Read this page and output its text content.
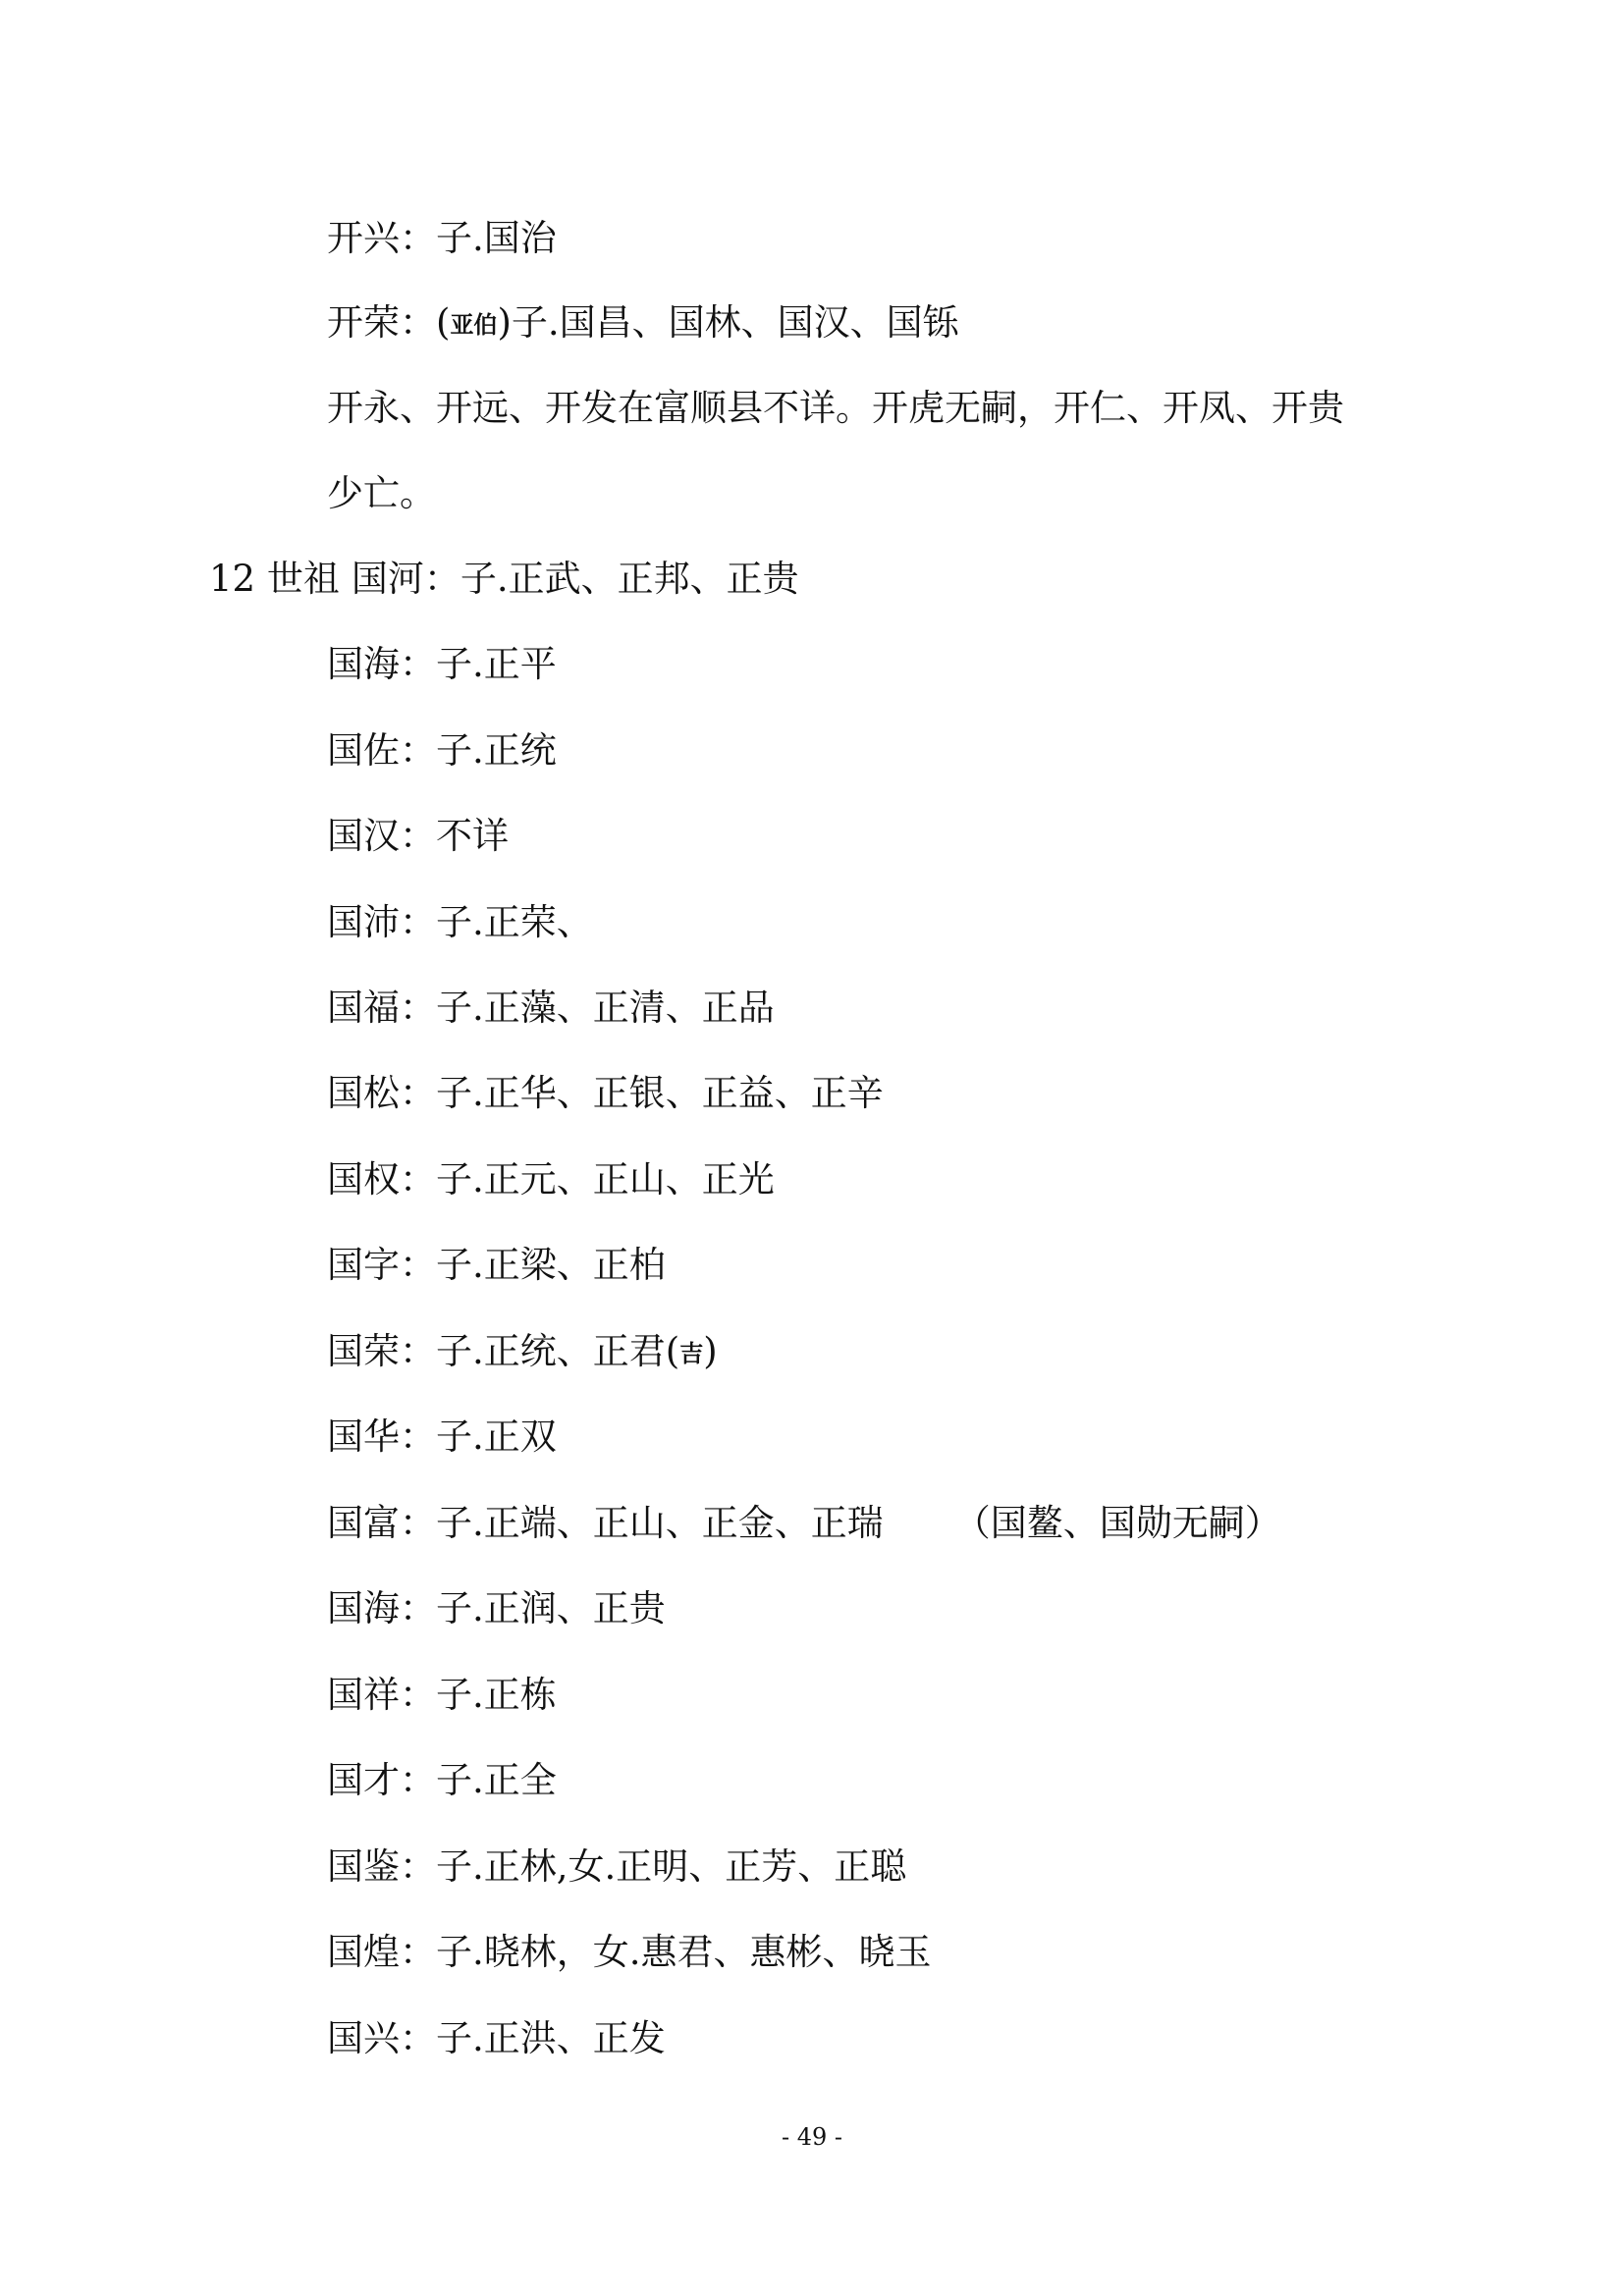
开兴：子.国治
开荣：(亚伯)子.国昌、国林、国汉、国铄
开永、开远、开发在富顺县不详。开虎无嗣，开仁、开凤、开贵
少亡。
12 世祖 国河：子.正武、正邦、正贵
国海：子.正平
国佐：子.正统
国汉：不详
国沛：子.正荣、
国福：子.正藻、正清、正品
国松：子.正华、正银、正益、正辛
国权：子.正元、正山、正光
国字：子.正梁、正柏
国荣：子.正统、正君(吉)
国华：子.正双
国富：子.正端、正山、正金、正瑞 （国鳌、国勋无嗣）
国海：子.正润、正贵
国祥：子.正栋
国才：子.正全
国鉴：子.正林,女.正明、正芳、正聪
国煌：子.晓林，女.惠君、惠彬、晓玉
国兴：子.正洪、正发
- 49 -
